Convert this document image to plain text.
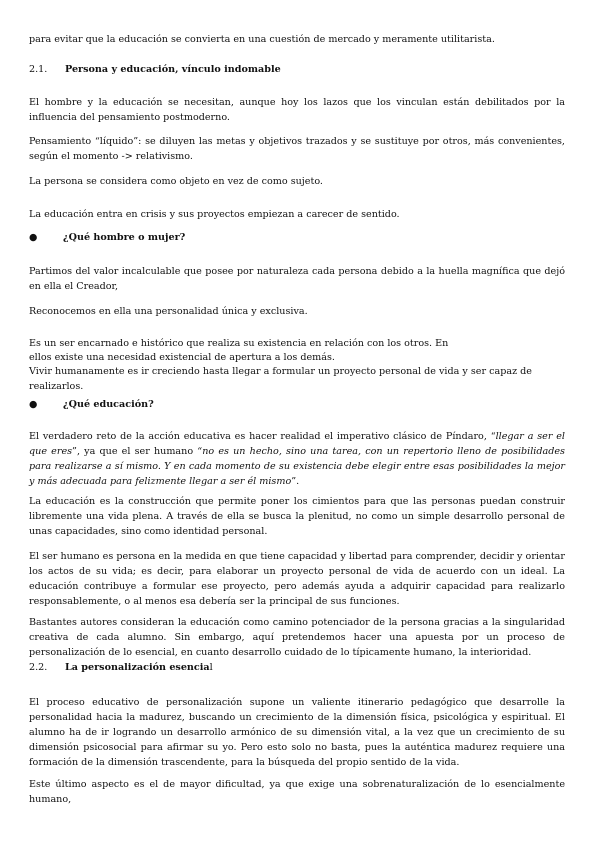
para evitar que la educación se convierta en una cuestión de mercado y meramente utilitarista.

2.1. Persona y educación, vínculo indomable

El hombre y la educación se necesitan, aunque hoy los lazos que los vinculan están debilitados por la influencia del pensamiento postmoderno.

Pensamiento “líquido”: se diluyen las metas y objetivos trazados y se sustituye por otros, más convenientes, según el momento -> relativismo.

La persona se considera como objeto en vez de como sujeto.

La educación entra en crisis y sus proyectos empiezan a carecer de sentido.

●	¿Qué hombre o mujer?

Partimos del valor incalculable que posee por naturaleza cada persona debido a la huella magnífica que dejó en ella el Creador,

Reconocemos en ella una personalidad única y exclusiva.

Es un ser encarnado e histórico que realiza su existencia en relación con los otros. En

ellos existe una necesidad existencial de apertura a los demás.

Vivir humanamente es ir creciendo hasta llegar a formular un proyecto personal de vida y ser capaz de realizarlos.

●	¿Qué educación?

El verdadero reto de la acción educativa es hacer realidad el imperativo clásico de Píndaro, “llegar a ser el que eres”, ya que el ser humano “no es un hecho, sino una tarea, con un repertorio lleno de posibilidades para realizarse a sí mismo. Y en cada momento de su existencia debe elegir entre esas posibilidades la mejor y más adecuada para felizmente llegar a ser él mismo”.

La educación es la construcción que permite poner los cimientos para que las personas puedan construir libremente una vida plena. A través de ella se busca la plenitud, no como un simple desarrollo personal de unas capacidades, sino como identidad personal.

El ser humano es persona en la medida en que tiene capacidad y libertad para comprender, decidir y orientar los actos de su vida; es decir, para elaborar un proyecto personal de vida de acuerdo con un ideal. La educación contribuye a formular ese proyecto, pero además ayuda a adquirir capacidad para realizarlo responsablemente, o al menos esa debería ser la principal de sus funciones.

Bastantes autores consideran la educación como camino potenciador de la persona gracias a la singularidad creativa de cada alumno. Sin embargo, aquí pretendemos hacer una apuesta por un proceso de personalización de lo esencial, en cuanto desarrollo cuidado de lo típicamente humano, la interioridad.

2.2. La personalización esencial

El proceso educativo de personalización supone un valiente itinerario pedagógico que desarrolle la personalidad hacia la madurez, buscando un crecimiento de la dimensión física, psicológica y espiritual. El alumno ha de ir logrando un desarrollo armónico de su dimensión vital, a la vez que un crecimiento de su dimensión psicosocial para afirmar su yo. Pero esto solo no basta, pues la auténtica madurez requiere una formación de la dimensión trascendente, para la búsqueda del propio sentido de la vida.

Este último aspecto es el de mayor dificultad, ya que exige una sobrenaturalización de lo esencialmente humano,
